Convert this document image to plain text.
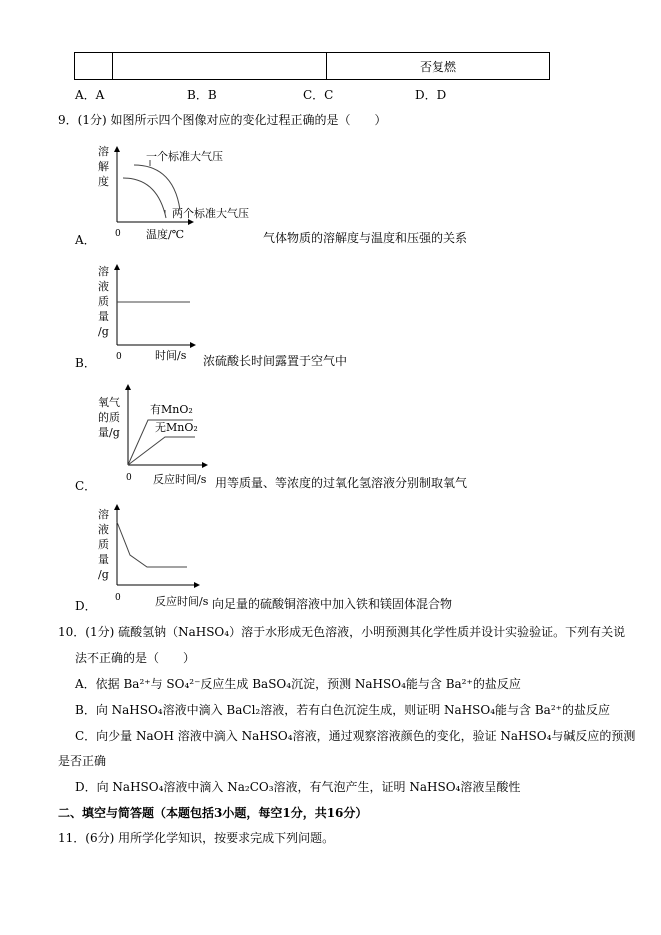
		否复燃
A．A	B．B	C．C	D．D
9．(1分) 如图所示四个图像对应的变化过程正确的是（　　）
溶
解
度
一个标准大气压
两个标准大气压
0 温度/℃
A．	气体物质的溶解度与温度和压强的关系
溶
液
质
量
/g
0	时间/s
B．	浓硫酸长时间露置于空气中
氧气
的质
量/g
有MnO₂
无MnO₂
0 反应时间/s
C．	用等质量、等浓度的过氧化氢溶液分别制取氧气
溶
液
质
量
/g
0	反应时间/s
D．	向足量的硫酸铜溶液中加入铁和镁固体混合物
10．(1分) 硫酸氢钠（NaHSO₄）溶于水形成无色溶液，小明预测其化学性质并设计实验验证。下列有关说
法不正确的是（　　）
A．依据 Ba²⁺与 SO₄²⁻反应生成 BaSO₄沉淀，预测 NaHSO₄能与含 Ba²⁺的盐反应
B．向 NaHSO₄溶液中滴入 BaCl₂溶液，若有白色沉淀生成，则证明 NaHSO₄能与含 Ba²⁺的盐反应
C．向少量 NaOH 溶液中滴入 NaHSO₄溶液，通过观察溶液颜色的变化，验证 NaHSO₄与碱反应的预测
是否正确
D．向 NaHSO₄溶液中滴入 Na₂CO₃溶液，有气泡产生，证明 NaHSO₄溶液呈酸性
二、填空与简答题（本题包括3小题，每空1分，共16分）
11．(6分) 用所学化学知识，按要求完成下列问题。
